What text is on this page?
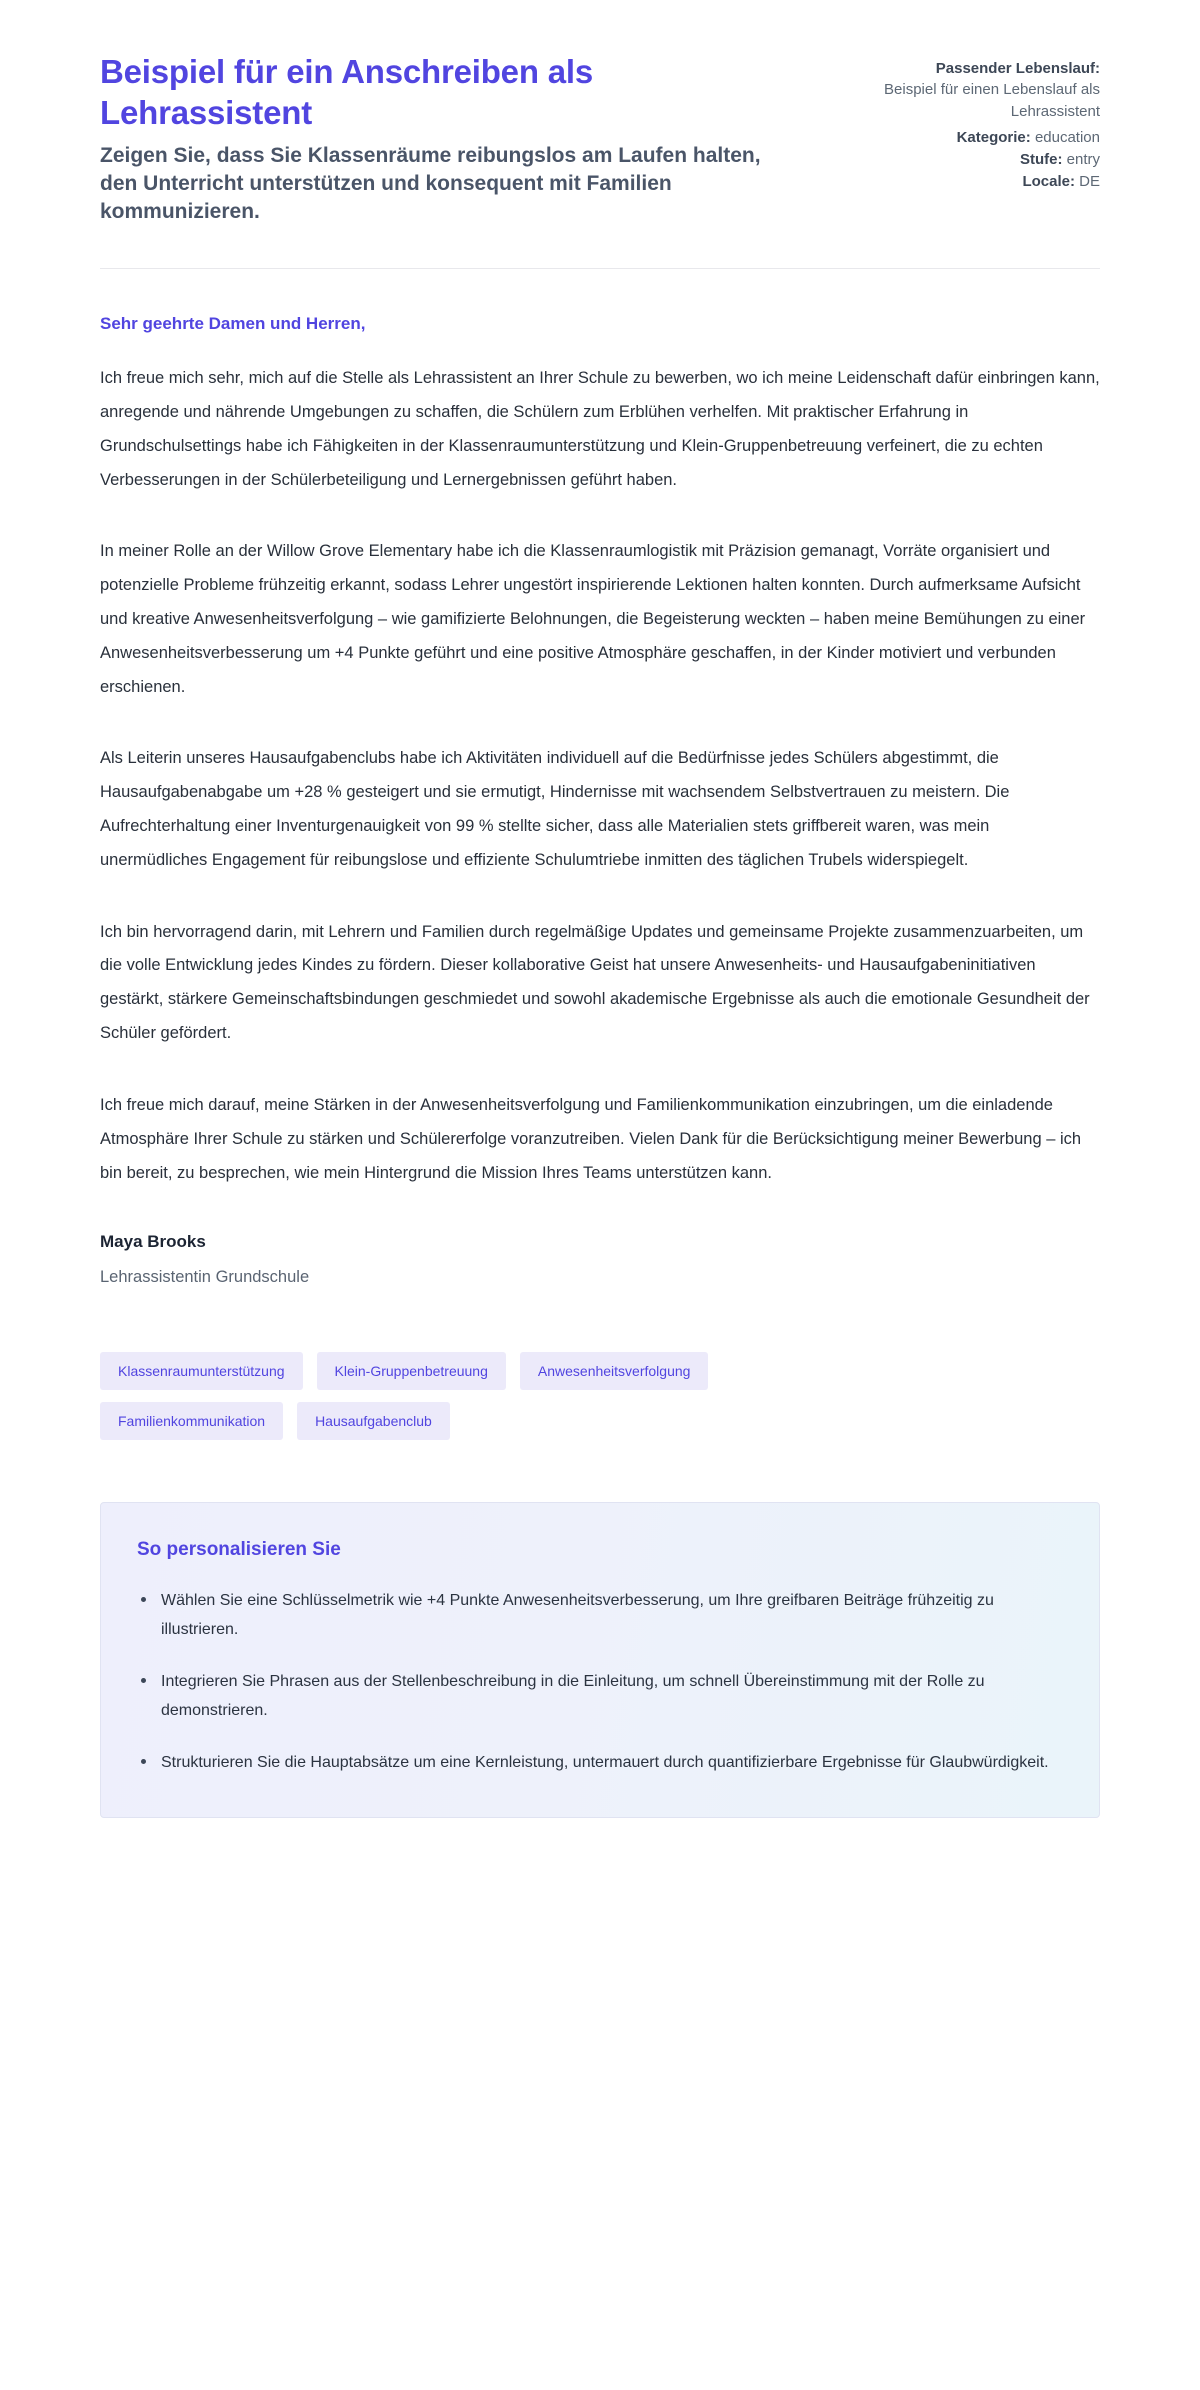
Beispiel für ein Anschreiben als Lehrassistent

Zeigen Sie, dass Sie Klassenräume reibungslos am Laufen halten, den Unterricht unterstützen und konsequent mit Familien kommunizieren.

Passender Lebenslauf:
Beispiel für einen Lebenslauf als Lehrassistent
Kategorie: education
Stufe: entry
Locale: DE

Sehr geehrte Damen und Herren,

Ich freue mich sehr, mich auf die Stelle als Lehrassistent an Ihrer Schule zu bewerben, wo ich meine Leidenschaft dafür einbringen kann, anregende und nährende Umgebungen zu schaffen, die Schülern zum Erblühen verhelfen. Mit praktischer Erfahrung in Grundschulsettings habe ich Fähigkeiten in der Klassenraumunterstützung und Klein-Gruppenbetreuung verfeinert, die zu echten Verbesserungen in der Schülerbeteiligung und Lernergebnissen geführt haben.

In meiner Rolle an der Willow Grove Elementary habe ich die Klassenraumlogistik mit Präzision gemanagt, Vorräte organisiert und potenzielle Probleme frühzeitig erkannt, sodass Lehrer ungestört inspirierende Lektionen halten konnten. Durch aufmerksame Aufsicht und kreative Anwesenheitsverfolgung – wie gamifizierte Belohnungen, die Begeisterung weckten – haben meine Bemühungen zu einer Anwesenheitsverbesserung um +4 Punkte geführt und eine positive Atmosphäre geschaffen, in der Kinder motiviert und verbunden erschienen.

Als Leiterin unseres Hausaufgabenclubs habe ich Aktivitäten individuell auf die Bedürfnisse jedes Schülers abgestimmt, die Hausaufgabenabgabe um +28 % gesteigert und sie ermutigt, Hindernisse mit wachsendem Selbstvertrauen zu meistern. Die Aufrechterhaltung einer Inventurgenauigkeit von 99 % stellte sicher, dass alle Materialien stets griffbereit waren, was mein unermüdliches Engagement für reibungslose und effiziente Schulumtriebe inmitten des täglichen Trubels widerspiegelt.

Ich bin hervorragend darin, mit Lehrern und Familien durch regelmäßige Updates und gemeinsame Projekte zusammenzuarbeiten, um die volle Entwicklung jedes Kindes zu fördern. Dieser kollaborative Geist hat unsere Anwesenheits- und Hausaufgabeninitiativen gestärkt, stärkere Gemeinschaftsbindungen geschmiedet und sowohl akademische Ergebnisse als auch die emotionale Gesundheit der Schüler gefördert.

Ich freue mich darauf, meine Stärken in der Anwesenheitsverfolgung und Familienkommunikation einzubringen, um die einladende Atmosphäre Ihrer Schule zu stärken und Schülererfolge voranzutreiben. Vielen Dank für die Berücksichtigung meiner Bewerbung – ich bin bereit, zu besprechen, wie mein Hintergrund die Mission Ihres Teams unterstützen kann.

Maya Brooks

Lehrassistentin Grundschule

Klassenraumunterstützung	Klein-Gruppenbetreuung	Anwesenheitsverfolgung
Familienkommunikation	Hausaufgabenclub
So personalisieren Sie
Wählen Sie eine Schlüsselmetrik wie +4 Punkte Anwesenheitsverbesserung, um Ihre greifbaren Beiträge frühzeitig zu illustrieren.
Integrieren Sie Phrasen aus der Stellenbeschreibung in die Einleitung, um schnell Übereinstimmung mit der Rolle zu demonstrieren.
Strukturieren Sie die Hauptabsätze um eine Kernleistung, untermauert durch quantifizierbare Ergebnisse für Glaubwürdigkeit.
